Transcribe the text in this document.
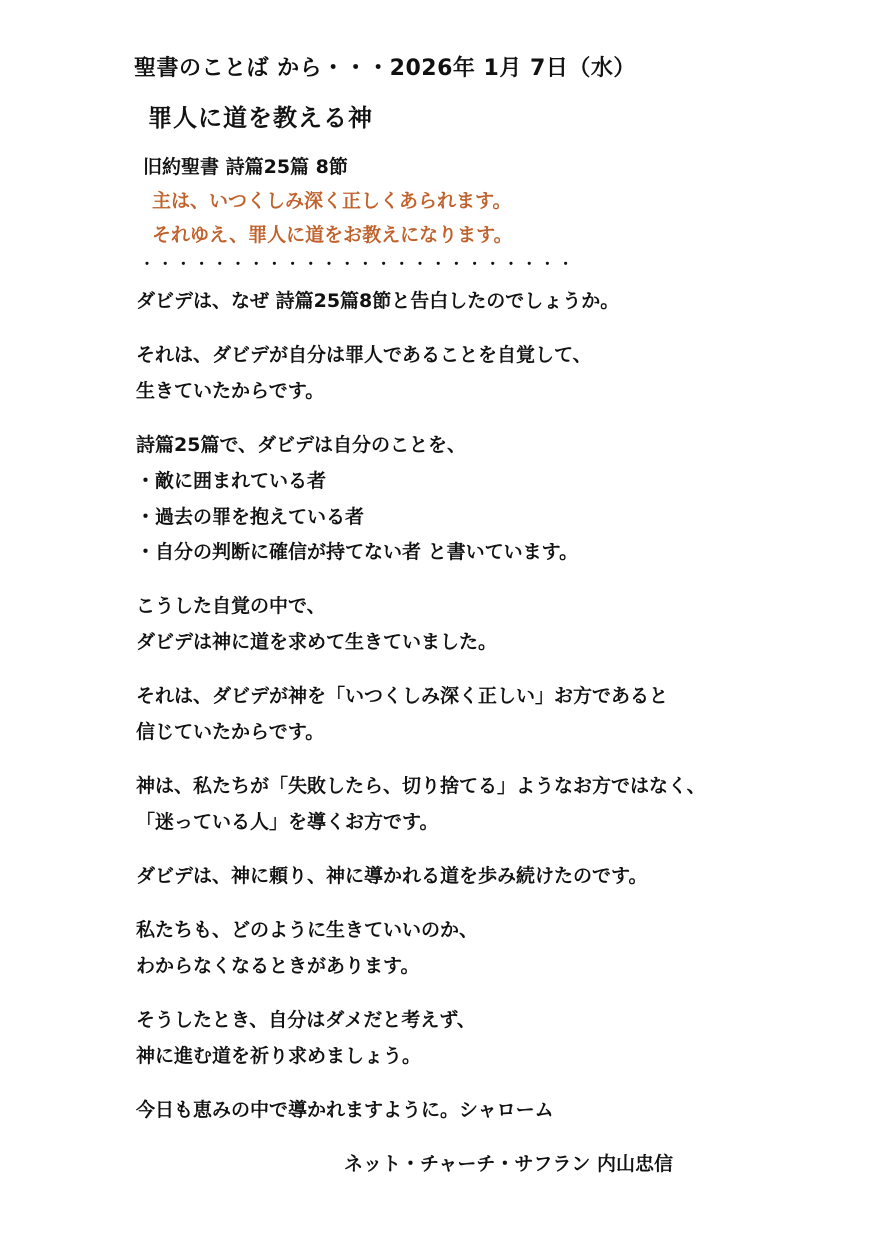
聖書のことば から・・・2026年 1月 7日（水）
罪人に道を教える神
旧約聖書 詩篇25篇 8節
主は、いつくしみ深く正しくあられます。
それゆえ、罪人に道をお教えになります。
・・・・・・・・・・・・・・・・・・・・・・・・
ダビデは、なぜ 詩篇25篇8節と告白したのでしょうか。
それは、ダビデが自分は罪人であることを自覚して、
生きていたからです。
詩篇25篇で、ダビデは自分のことを、
・敵に囲まれている者
・過去の罪を抱えている者
・自分の判断に確信が持てない者 と書いています。
こうした自覚の中で、
ダビデは神に道を求めて生きていました。
それは、ダビデが神を「いつくしみ深く正しい」お方であると
信じていたからです。
神は、私たちが「失敗したら、切り捨てる」ようなお方ではなく、
「迷っている人」を導くお方です。
ダビデは、神に頼り、神に導かれる道を歩み続けたのです。
私たちも、どのように生きていいのか、
わからなくなるときがあります。
そうしたとき、自分はダメだと考えず、
神に進む道を祈り求めましょう。
今日も恵みの中で導かれますように。シャローム
ネット・チャーチ・サフラン 内山忠信
